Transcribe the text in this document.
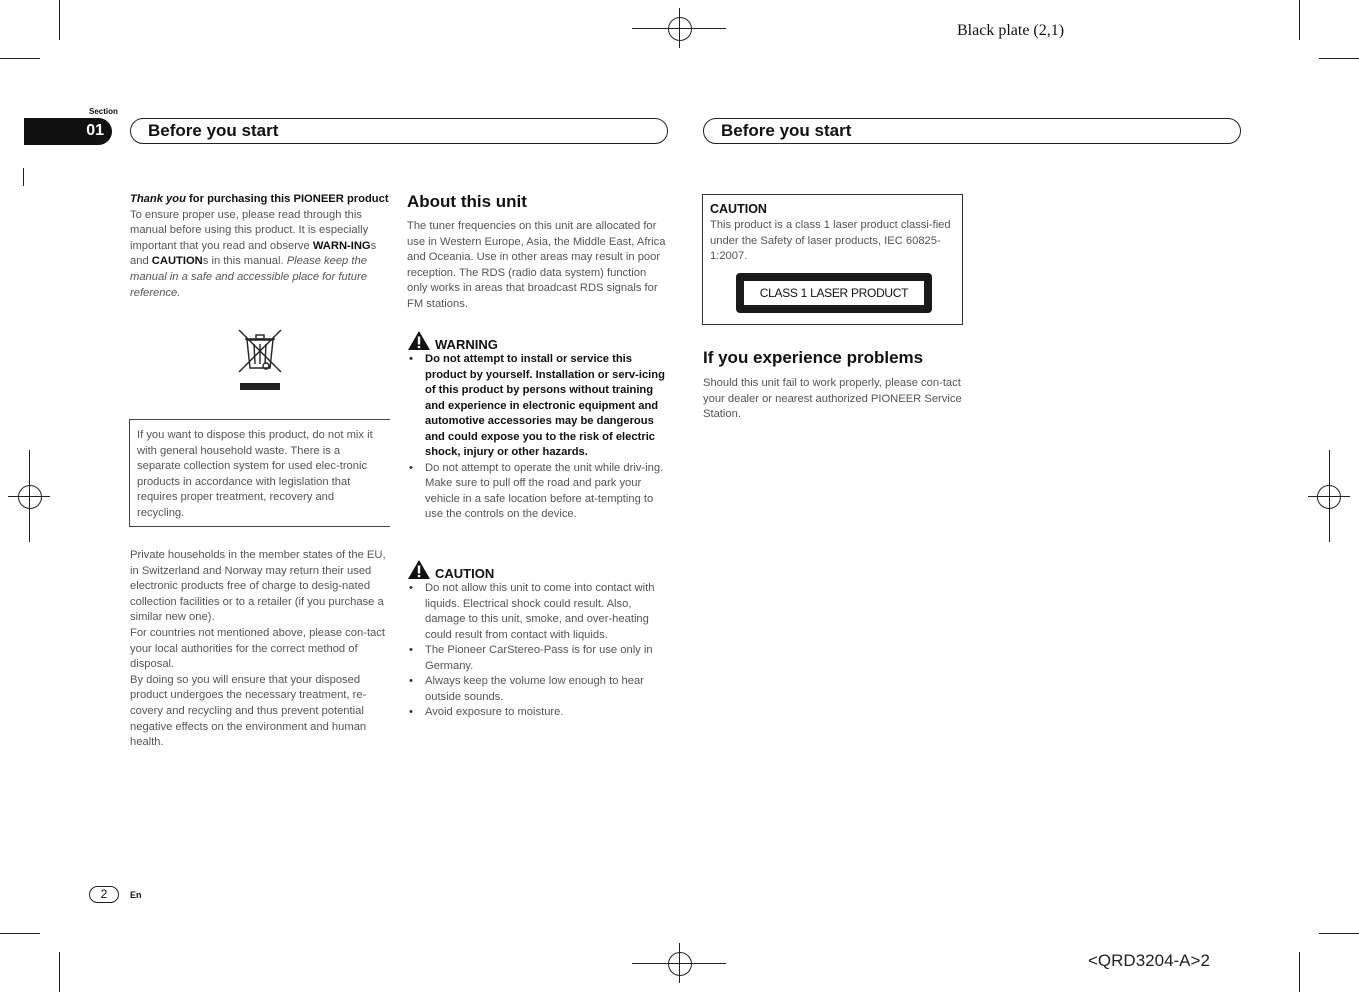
Black plate (2,1)
Section
01	Before you start	Before you start

Thank you for purchasing this PIONEER product

To ensure proper use, please read through this manual before using this product. It is especially important that you read and observe WARN-INGs and CAUTIONs in this manual. Please keep the manual in a safe and accessible place for future reference.

If you want to dispose this product, do not mix it with general household waste. There is a separate collection system for used elec-tronic products in accordance with legislation that requires proper treatment, recovery and recycling.

Private households in the member states of the EU, in Switzerland and Norway may return their used electronic products free of charge to desig-nated collection facilities or to a retailer (if you purchase a similar new one).

For countries not mentioned above, please con-tact your local authorities for the correct method of disposal.

By doing so you will ensure that your disposed product undergoes the necessary treatment, re-covery and recycling and thus prevent potential negative effects on the environment and human health.

About this unit

The tuner frequencies on this unit are allocated for use in Western Europe, Asia, the Middle East, Africa and Oceania. Use in other areas may result in poor reception. The RDS (radio data system) function only works in areas that broadcast RDS signals for FM stations.

WARNING
• Do not attempt to install or service this product by yourself. Installation or serv-icing of this product by persons without training and experience in electronic equipment and automotive accessories may be dangerous and could expose you to the risk of electric shock, injury or other hazards.
• Do not attempt to operate the unit while driv-ing. Make sure to pull off the road and park your vehicle in a safe location before at-tempting to use the controls on the device.
CAUTION
• Do not allow this unit to come into contact with liquids. Electrical shock could result. Also, damage to this unit, smoke, and over-heating could result from contact with liquids.
• The Pioneer CarStereo-Pass is for use only in Germany.
• Always keep the volume low enough to hear outside sounds.
• Avoid exposure to moisture.
CAUTION

This product is a class 1 laser product classi-fied under the Safety of laser products, IEC 60825-1:2007.

CLASS 1 LASER PRODUCT
If you experience problems

Should this unit fail to work properly, please con-tact your dealer or nearest authorized PIONEER Service Station.

2	En
<QRD3204-A>2
